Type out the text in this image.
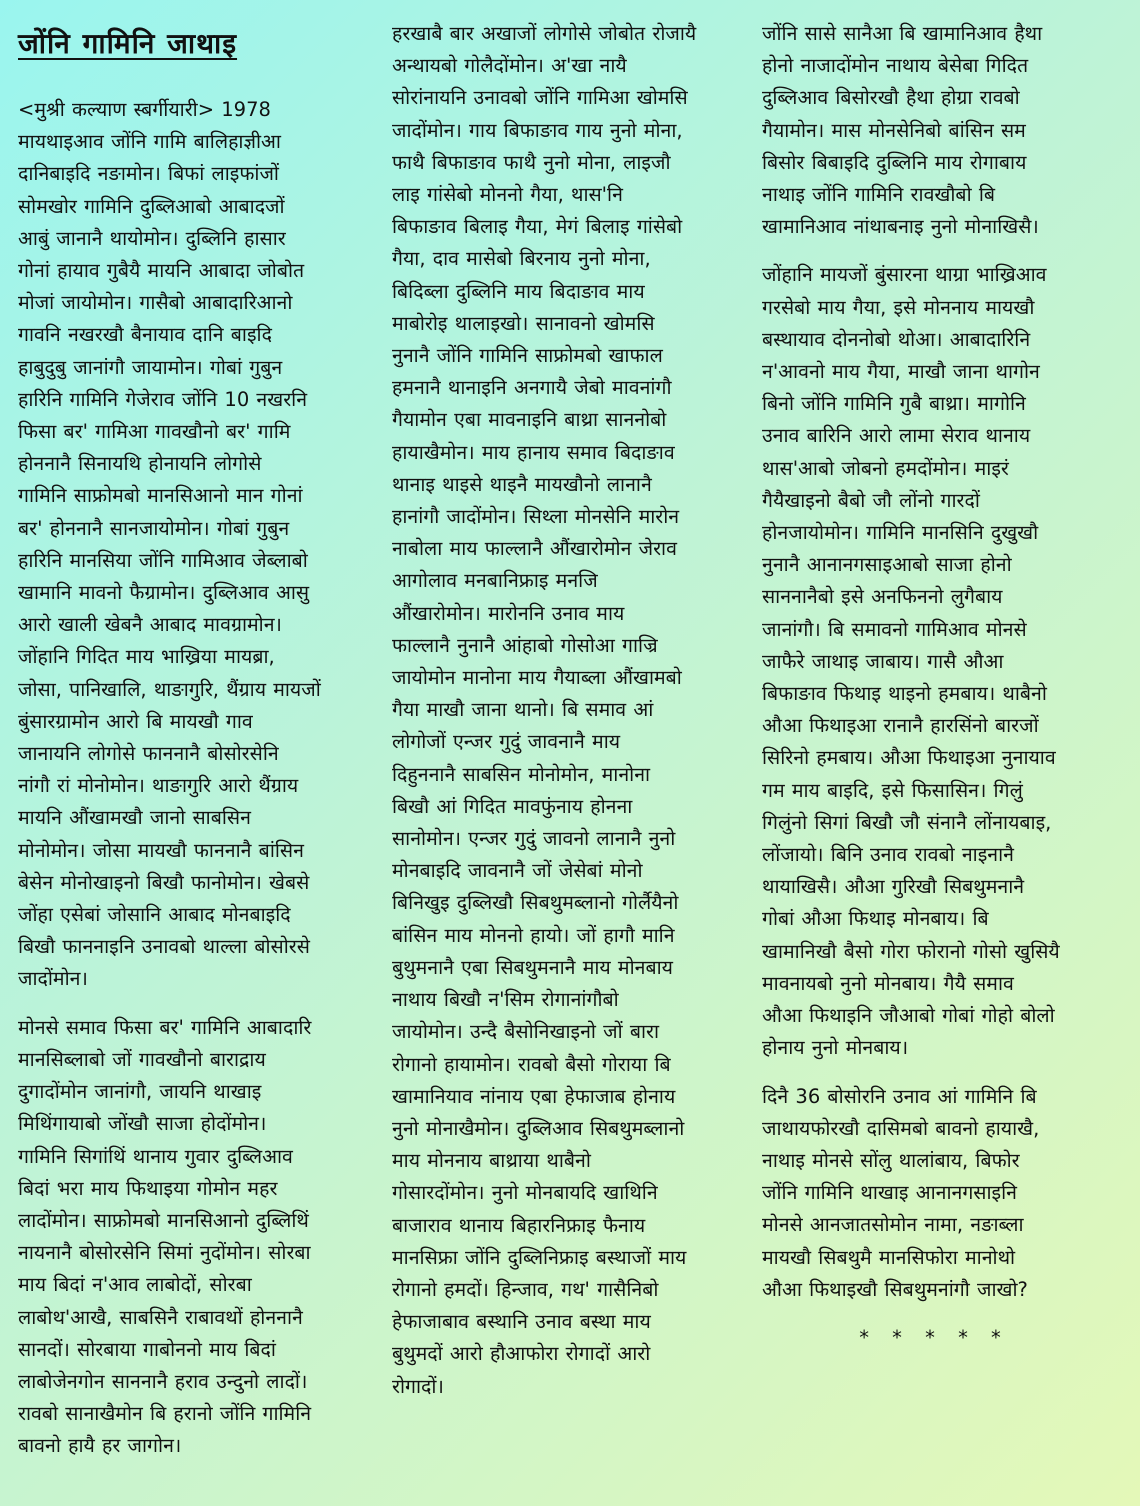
जोंनि गामिनि जाथाइ
<मुश्री कल्याण स्बर्गीयारी> 1978
मायथाइआव जोंनि गामि बालिहाज्ञीआ
दानिबाइदि नङामोन। बिफां लाइफांजों
सोमखोर गामिनि दुब्लिआबो आबादजों
आबुं जानानै थायोमोन। दुब्लिनि हासार
गोनां हायाव गुबैयै मायनि आबादा जोबोत
मोजां जायोमोन। गासैबो आबादारिआनो
गावनि नखरखौ बैनायाव दानि बाइदि
हाबुदुबु जानांगौ जायामोन। गोबां गुबुन
हारिनि गामिनि गेजेराव जोंनि 10 नखरनि
फिसा बर' गामिआ गावखौनो बर' गामि
होननानै सिनायथि होनायनि लोगोसे
गामिनि साफ्रोमबो मानसिआनो मान गोनां
बर' होननानै सानजायोमोन। गोबां गुबुन
हारिनि मानसिया जोंनि गामिआव जेब्लाबो
खामानि मावनो फैग्रामोन। दुब्लिआव आसु
आरो खाली खेबनै आबाद मावग्रामोन।
जोंहानि गिदित माय भाख्रिया मायब्रा,
जोसा, पानिखालि, थाङागुरि, थैंग्राय मायजों
बुंसारग्रामोन आरो बि मायखौ गाव
जानायनि लोगोसे फाननानै बोसोरसेनि
नांगौ रां मोनोमोन। थाङागुरि आरो थैंग्राय
मायनि औंखामखौ जानो साबसिन
मोनोमोन। जोसा मायखौ फाननानै बांसिन
बेसेन मोनोखाइनो बिखौ फानोमोन। खेबसे
जोंहा एसेबां जोसानि आबाद मोनबाइदि
बिखौ फाननाइनि उनावबो थाल्ला बोसोरसे
जादोंमोन।
मोनसे समाव फिसा बर' गामिनि आबादारि
मानसिब्लाबो जों गावखौनो बाराद्राय
दुगादोंमोन जानांगौ, जायनि थाखाइ
मिथिंगायाबो जोंखौ साजा होदोंमोन।
गामिनि सिगांथिं थानाय गुवार दुब्लिआव
बिदां भरा माय फिथाइया गोमोन महर
लादोंमोन। साफ्रोमबो मानसिआनो दुब्लिथिं
नायनानै बोसोरसेनि सिमां नुदोंमोन। सोरबा
माय बिदां न'आव लाबोदों, सोरबा
लाबोथ'आखै, साबसिनै राबावथों होननानै
सानदों। सोरबाया गाबोननो माय बिदां
लाबोजेनगोन साननानै हराव उन्दुनो लादों।
रावबो सानाखैमोन बि हरानो जोंनि गामिनि
बावनो हायै हर जागोन।
हरखाबै बार अखाजों लोगोसे जोबोत रोजायै
अन्थायबो गोलैदोंमोन। अ'खा नायै
सोरांनायनि उनावबो जोंनि गामिआ खोमसि
जादोंमोन। गाय बिफाङाव गाय नुनो मोना,
फाथै बिफाङाव फाथै नुनो मोना, लाइजौ
लाइ गांसेबो मोननो गैया, थास'नि
बिफाङाव बिलाइ गैया, मेगं बिलाइ गांसेबो
गैया, दाव मासेबो बिरनाय नुनो मोना,
बिदिब्ला दुब्लिनि माय बिदाङाव माय
माबोरोइ थालाइखो। सानावनो खोमसि
नुनानै जोंनि गामिनि साफ्रोमबो खाफाल
हमनानै थानाइनि अनगायै जेबो मावनांगौ
गैयामोन एबा मावनाइनि बाथ्रा साननोबो
हायाखैमोन। माय हानाय समाव बिदाङाव
थानाइ थाइसे थाइनै मायखौनो लानानै
हानांगौ जादोंमोन। सिथ्ला मोनसेनि मारोन
नाबोला माय फाल्लानै औंखारोमोन जेराव
आगोलाव मनबानिफ्राइ मनजि
औंखारोमोन। मारोननि उनाव माय
फाल्लानै नुनानै आंहाबो गोसोआ गाज्रि
जायोमोन मानोना माय गैयाब्ला औंखामबो
गैया माखौ जाना थानो। बि समाव आं
लोगोजों एन्जर गुदुं जावनानै माय
दिहुननानै साबसिन मोनोमोन, मानोना
बिखौ आं गिदित मावफुंनाय होनना
सानोमोन। एन्जर गुदुं जावनो लानानै नुनो
मोनबाइदि जावनानै जों जेसेबां मोनो
बिनिखुइ दुब्लिखौ सिबथुमब्लानो गोर्लैयैनो
बांसिन माय मोननो हायो। जों हागौ मानि
बुथुमनानै एबा सिबथुमनानै माय मोनबाय
नाथाय बिखौ न'सिम रोगानांगौबो
जायोमोन। उन्दै बैसोनिखाइनो जों बारा
रोगानो हायामोन। रावबो बैसो गोराया बि
खामानियाव नांनाय एबा हेफाजाब होनाय
नुनो मोनाखैमोन। दुब्लिआव सिबथुमब्लानो
माय मोननाय बाथ्राया थाबैनो
गोसारदोंमोन। नुनो मोनबायदि खाथिनि
बाजाराव थानाय बिहारनिफ्राइ फैनाय
मानसिफ्रा जोंनि दुब्लिनिफ्राइ बस्थाजों माय
रोगानो हमदों। हिन्जाव, गथ' गासैनिबो
हेफाजाबाव बस्थानि उनाव बस्था माय
बुथुमदों आरो हौआफोरा रोगादों आरो
रोगादों।
जोंनि सासे सानैआ बि खामानिआव हैथा
होनो नाजादोंमोन नाथाय बेसेबा गिदित
दुब्लिआव बिसोरखौ हैथा होग्रा रावबो
गैयामोन। मास मोनसेनिबो बांसिन सम
बिसोर बिबाइदि दुब्लिनि माय रोगाबाय
नाथाइ जोंनि गामिनि रावखौबो बि
खामानिआव नांथाबनाइ नुनो मोनाखिसै।
जोंहानि मायजों बुंसारना थाग्रा भाख्रिआव
गरसेबो माय गैया, इसे मोननाय मायखौ
बस्थायाव दोननोबो थोआ। आबादारिनि
न'आवनो माय गैया, माखौ जाना थागोन
बिनो जोंनि गामिनि गुबै बाथ्रा। मागोनि
उनाव बारिनि आरो लामा सेराव थानाय
थास'आबो जोबनो हमदोंमोन। माइरं
गैयैखाइनो बैबो जौ लोंनो गारदों
होनजायोमोन। गामिनि मानसिनि दुखुखौ
नुनानै आनानगसाइआबो साजा होनो
साननानैबो इसे अनफिननो लुगैबाय
जानांगौ। बि समावनो गामिआव मोनसे
जाफैरे जाथाइ जाबाय। गासै औआ
बिफाङाव फिथाइ थाइनो हमबाय। थाबैनो
औआ फिथाइआ रानानै हारसिंनो बारजों
सिरिनो हमबाय। औआ फिथाइआ नुनायाव
गम माय बाइदि, इसे फिसासिन। गिलुं
गिलुंनो सिगां बिखौ जौ संनानै लोंनायबाइ,
लोंजायो। बिनि उनाव रावबो नाइनानै
थायाखिसै। औआ गुरिखौ सिबथुमनानै
गोबां औआ फिथाइ मोनबाय। बि
खामानिखौ बैसो गोरा फोरानो गोसो खुसियै
मावनायबो नुनो मोनबाय। गैयै समाव
औआ फिथाइनि जौआबो गोबां गोहो बोलो
होनाय नुनो मोनबाय।
दिनै 36 बोसोरनि उनाव आं गामिनि बि
जाथायफोरखौ दासिमबो बावनो हायाखै,
नाथाइ मोनसे सोंलु थालांबाय, बिफोर
जोंनि गामिनि थाखाइ आनानगसाइनि
मोनसे आनजातसोमोन नामा, नङाब्ला
मायखौ सिबथुमै मानसिफोरा मानोथो
औआ फिथाइखौ सिबथुमनांगौ जाखो?
* * * * *
